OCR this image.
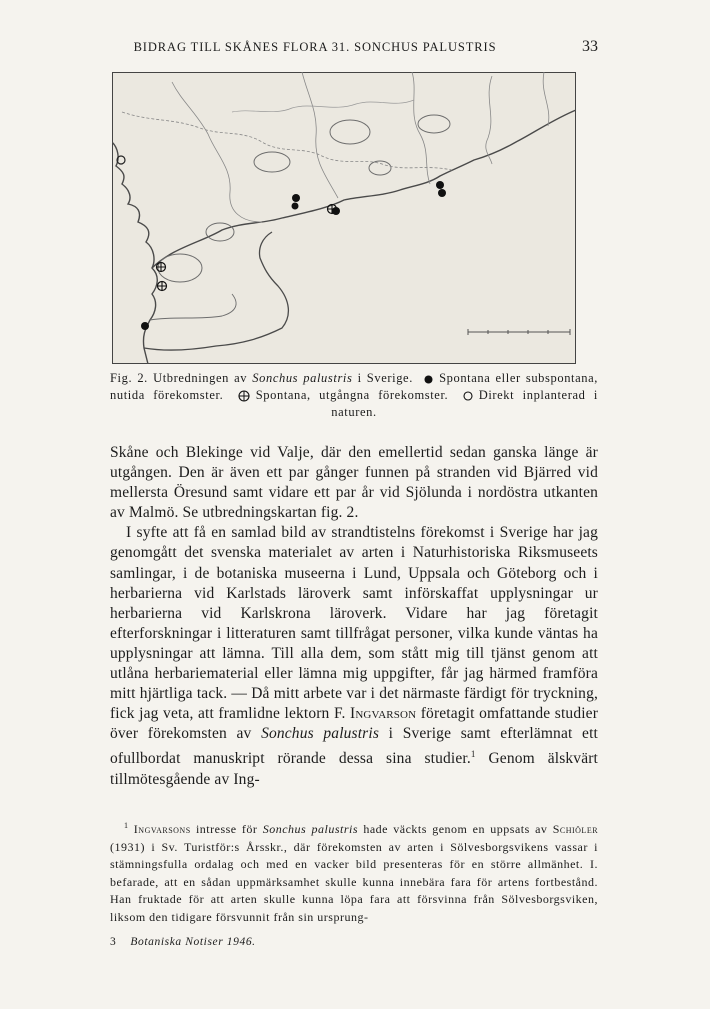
BIDRAG TILL SKÅNES FLORA 31. SONCHUS PALUSTRIS	33
Fig. 2. Utbredningen av Sonchus palustris i Sverige. Spontana eller subspontana, nutida förekomster.	Spontana, utgångna förekomster. Direkt inplanterad i naturen.

Skåne och Blekinge vid Valje, där den emellertid sedan ganska länge är utgången. Den är även ett par gånger funnen på stranden vid Bjärred vid mellersta Öresund samt vidare ett par år vid Sjölunda i nordöstra utkanten av Malmö. Se utbredningskartan fig. 2.

I syfte att få en samlad bild av strandtistelns förekomst i Sverige har jag genomgått det svenska materialet av arten i Naturhistoriska Riksmuseets samlingar, i de botaniska museerna i Lund, Uppsala och Göteborg och i herbarierna vid Karlstads läroverk samt införskaffat upplysningar ur herbarierna vid Karlskrona läroverk. Vidare har jag företagit efterforskningar i litteraturen samt tillfrågat personer, vilka kunde väntas ha upplysningar att lämna. Till alla dem, som stått mig till tjänst genom att utlåna herbariematerial eller lämna mig uppgifter, får jag härmed framföra mitt hjärtliga tack. — Då mitt arbete var i det närmaste färdigt för tryckning, fick jag veta, att framlidne lektorn F. Ingvarson företagit omfattande studier över förekomsten av Sonchus palustris i Sverige samt efterlämnat ett ofullbordat manuskript rörande dessa sina studier.$^1$ Genom älskvärt tillmötesgående av Ing-

$^1$ Ingvarsons intresse för Sonchus palustris hade väckts genom en uppsats av Schiöler (1931) i Sv. Turistför:s Årsskr., där förekomsten av arten i Sölvesborgsvikens vassar i stämningsfulla ordalag och med en vacker bild presenteras för en större allmänhet. I. befarade, att en sådan uppmärksamhet skulle kunna innebära fara för artens fortbestånd. Han fruktade för att arten skulle kunna löpa fara att försvinna från Sölvesborgsviken, liksom den tidigare försvunnit från sin ursprung-
3 Botaniska Notiser 1946.
